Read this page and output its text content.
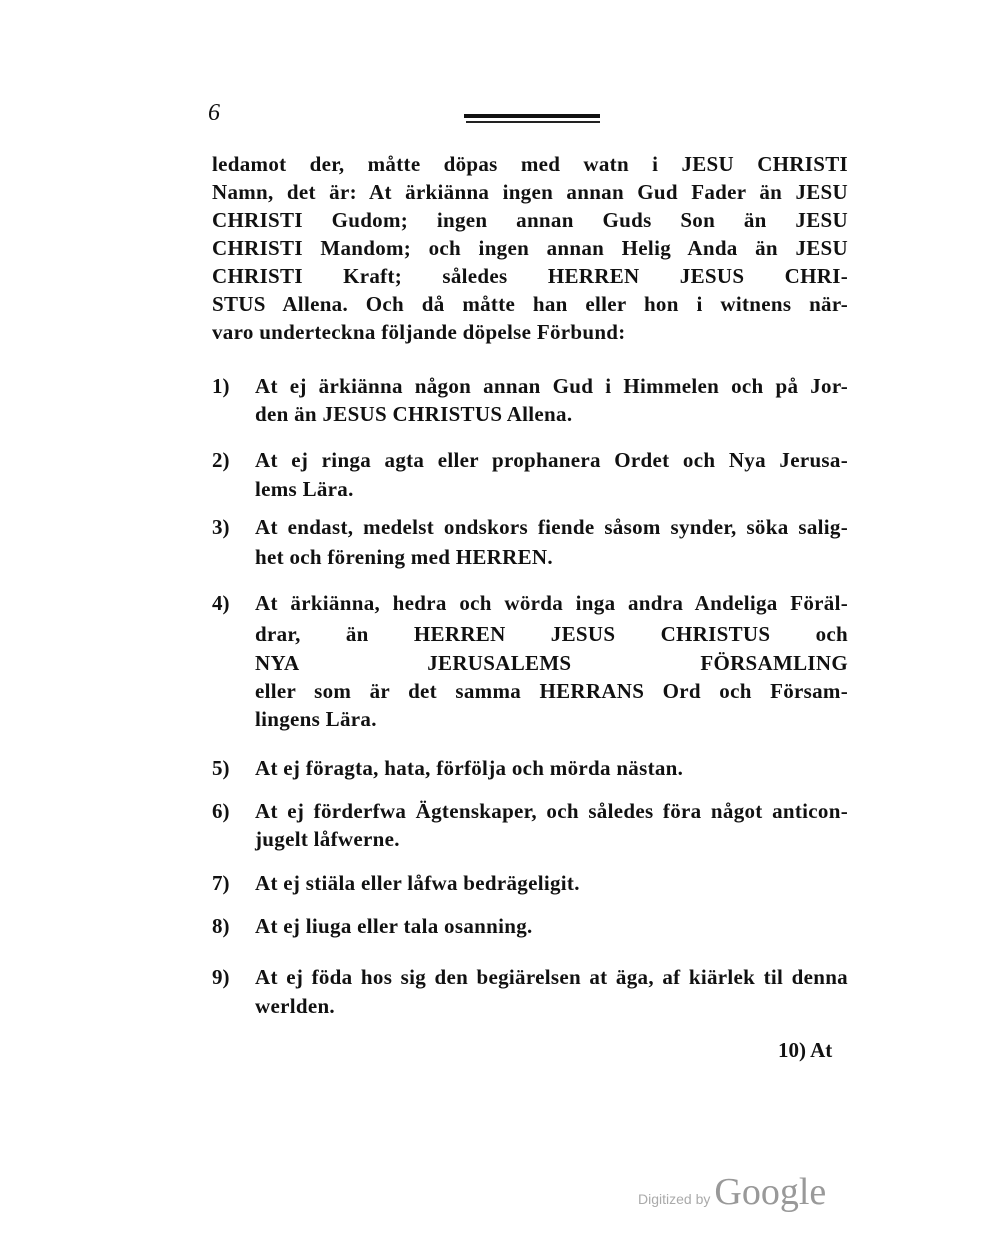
6
ledamot der, måtte döpas med watn i JESU CHRISTI
Namn, det är: At ärkiänna ingen annan Gud Fader än JESU
CHRISTI Gudom; ingen annan Guds Son än JESU
CHRISTI Mandom; och ingen annan Helig Anda än JESU
CHRISTI Kraft; således HERREN JESUS CHRI-
STUS Allena. Och då måtte han eller hon i witnens när-
varo underteckna följande döpelse Förbund:
1) At ej ärkiänna någon annan Gud i Himmelen och på Jor-
den än JESUS CHRISTUS Allena.
2) At ej ringa agta eller prophanera Ordet och Nya Jerusa-
lems Lära.
3) At endast, medelst ondskors fiende såsom synder, söka salig-
het och förening med HERREN.
4) At ärkiänna, hedra och wörda inga andra Andeliga Föräl-
drar, än HERREN JESUS CHRISTUS och
NYA JERUSALEMS FÖRSAMLING
eller som är det samma HERRANS Ord och Försam-
lingens Lära.
5) At ej föragta, hata, förfölja och mörda nästan.
6) At ej förderfwa Ägtenskaper, och således föra något anticon-
jugelt låfwerne.
7) At ej stiäla eller låfwa bedrägeligit.
8) At ej liuga eller tala osanning.
9) At ej föda hos sig den begiärelsen at äga, af kiärlek til denna
werlden.
10) At
Digitized by Google
